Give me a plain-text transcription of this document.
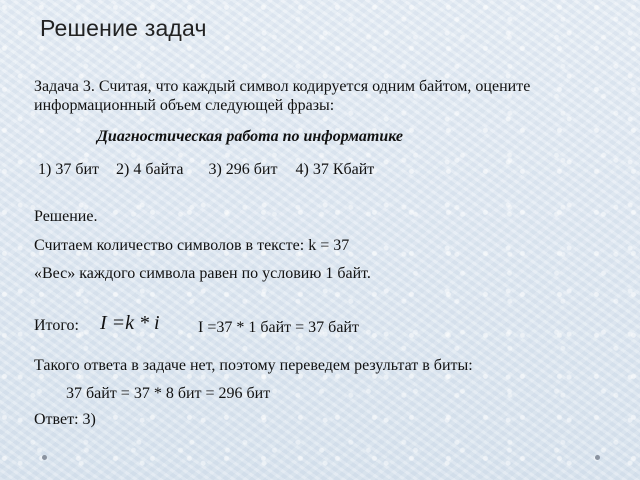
Решение задач
Задача 3. Считая, что каждый символ кодируется одним байтом, оцените
информационный объем следующей фразы:
Диагностическая работа по информатике
1) 37 бит 2) 4 байта 3) 296 бит 4) 37 Кбайт
Решение.
Считаем количество символов в тексте: k = 37
«Вес» каждого символа равен по условию 1 байт.
Итого: I =k * i I =37 * 1 байт = 37 байт
Такого ответа в задаче нет, поэтому переведем результат в биты:
37 байт = 37 * 8 бит = 296 бит
Ответ: 3)
